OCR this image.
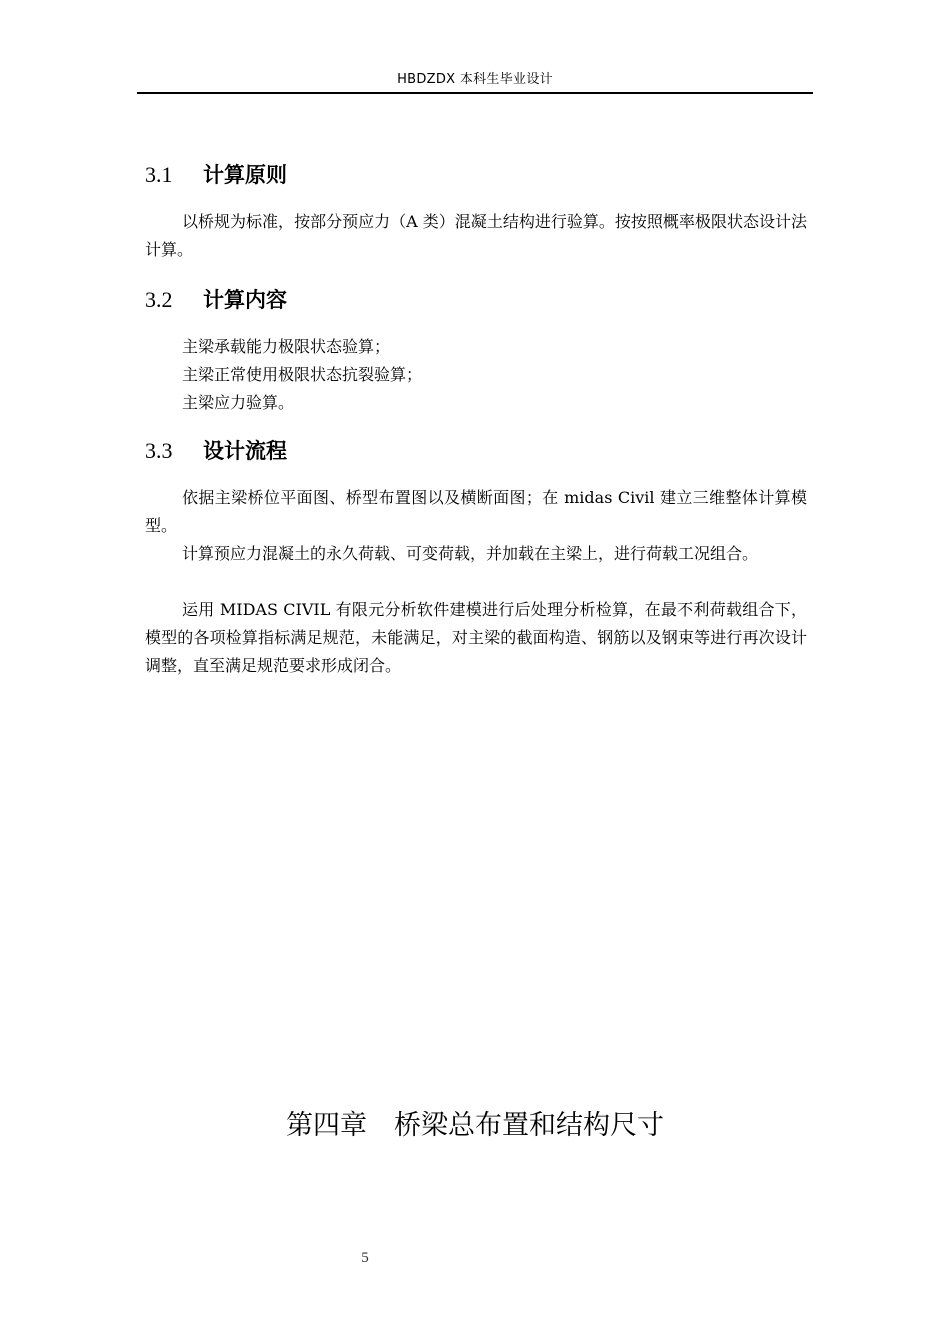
HBDZDX 本科生毕业设计
3.1 计算原则
以桥规为标准，按部分预应力（A 类）混凝土结构进行验算。按按照概率极限状态设计法计算。
3.2 计算内容
主梁承载能力极限状态验算；
主梁正常使用极限状态抗裂验算；
主梁应力验算。
3.3 设计流程
依据主梁桥位平面图、桥型布置图以及横断面图；在 midas Civil 建立三维整体计算模型。
计算预应力混凝土的永久荷载、可变荷载，并加载在主梁上，进行荷载工况组合。
运用 MIDAS CIVIL 有限元分析软件建模进行后处理分析检算，在最不利荷载组合下，模型的各项检算指标满足规范，未能满足，对主梁的截面构造、钢筋以及钢束等进行再次设计调整，直至满足规范要求形成闭合。
第四章　桥梁总布置和结构尺寸
5
